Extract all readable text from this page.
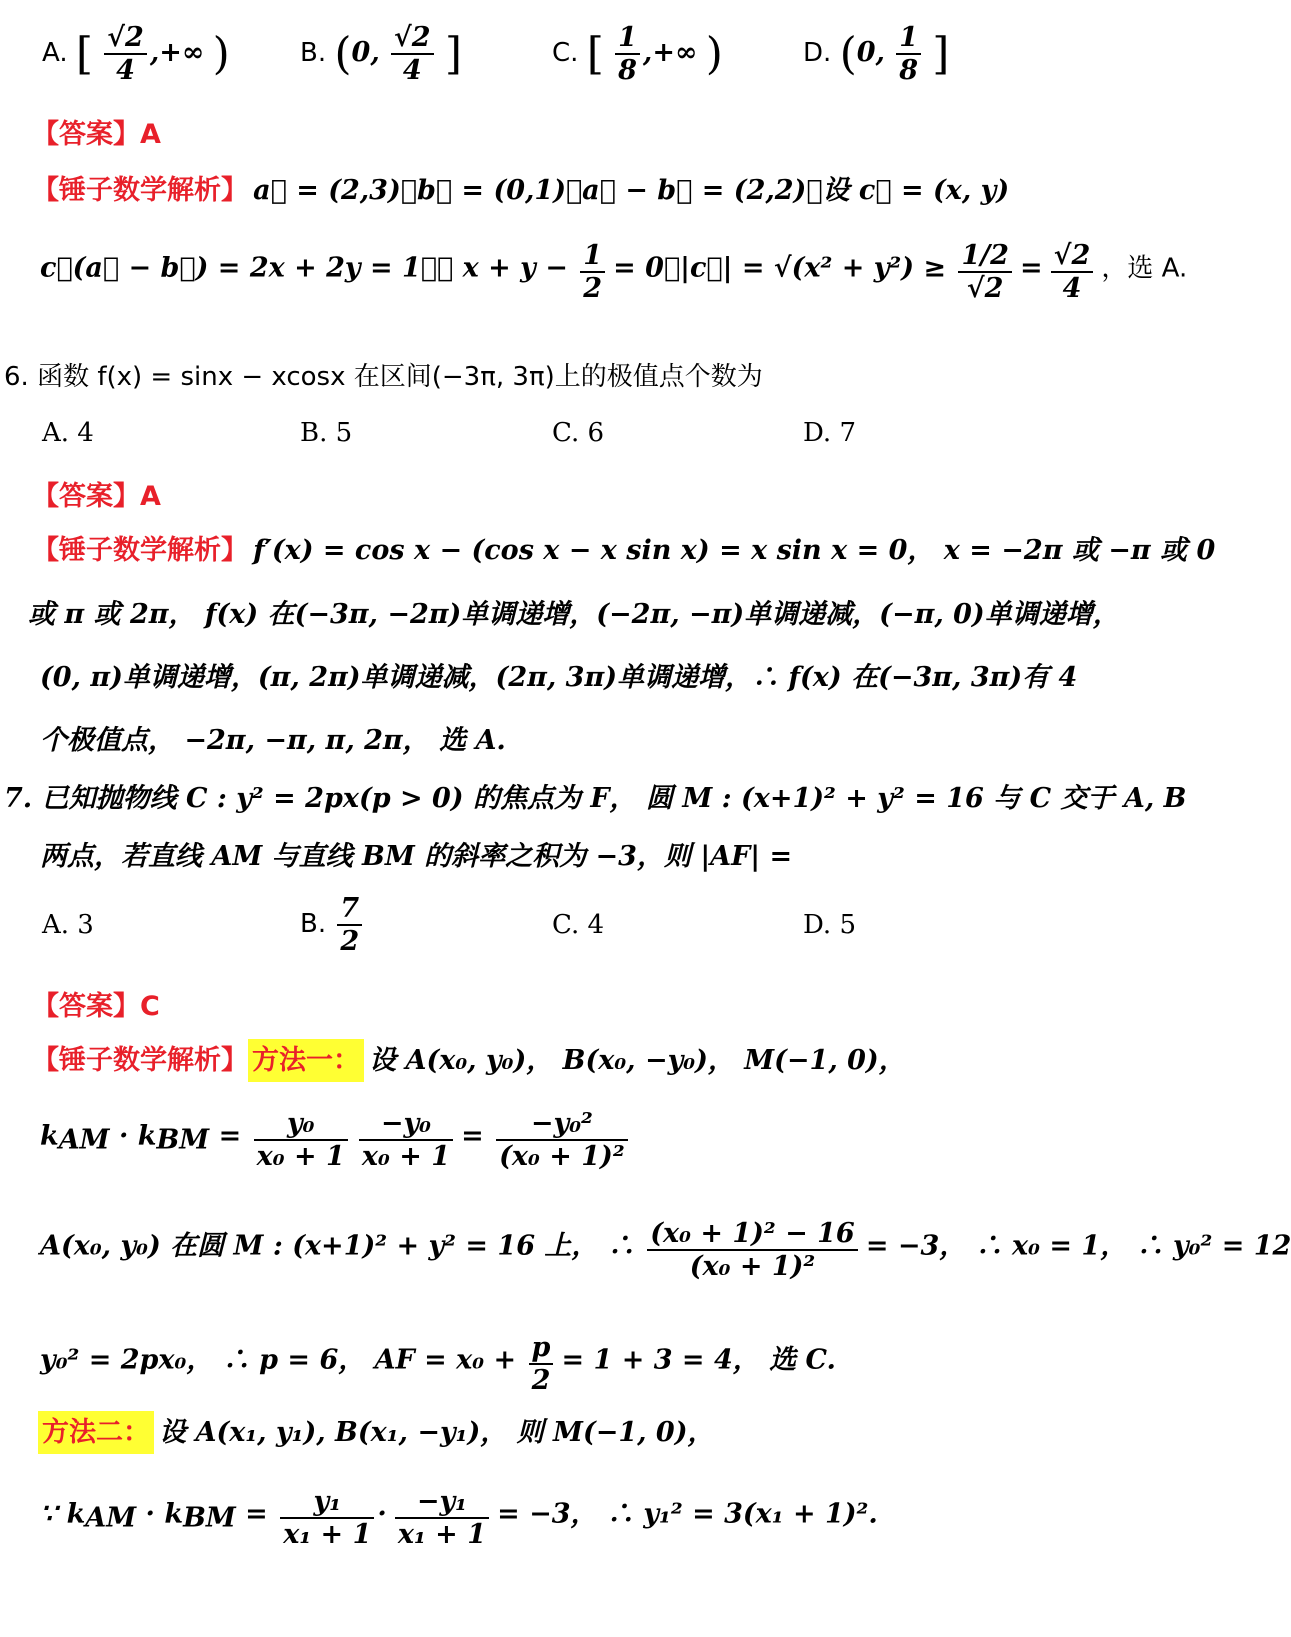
A. [ $\frac{√2}{4}$ ,+∞ )	B. (0, $\frac{√2}{4}$ ]	C. [ $\frac{1}{8}$ ,+∞ )	D. (0, $\frac{1}{8}$ ]
【答案】A
【锤子数学解析】 a⃗ = (2,3)，b⃗ = (0,1)，a⃗ − b⃗ = (2,2)，设 c⃗ = (x, y)
c⃗(a⃗ − b⃗) = 2x + 2y = 1，∴ $x + y - \frac{1}{2} = 0$，|c⃗| = $√(x^2 + y^2) \ge \frac{1/2}{√2} = \frac{√2}{4}$ ，选 A.
6. 函数 f(x) = sinx − xcosx 在区间(−3π, 3π)上的极值点个数为
A. 4	B. 5	C. 6	D. 7
【答案】A
【锤子数学解析】 f′(x) = cos x − (cos x − x sin x) = x sin x = 0， x = −2π 或 −π 或 0
或 π 或 2π， f(x) 在(−3π, −2π)单调递增，(−2π, −π)单调递减，(−π, 0)单调递增，
(0, π)单调递增，(π, 2π)单调递减，(2π, 3π)单调递增，∴ f(x) 在(−3π, 3π)有 4
个极值点， −2π, −π, π, 2π， 选 A.
7. 已知抛物线 C : y² = 2px(p > 0) 的焦点为 F， 圆 M : (x+1)² + y² = 16 与 C 交于 A, B
两点，若直线 AM 与直线 BM 的斜率之积为 −3，则 |AF| =
A. 3	B. $\frac{7}{2}$	C. 4	D. 5
【答案】C
【锤子数学解析】 方法一： 设 A(x₀, y₀)， B(x₀, −y₀)， M(−1, 0)，
$k_{AM} \cdot k_{BM} = \frac{\text{y₀}}{\text{x₀ + 1}}$
$\frac{\text{−y₀}}{\text{x₀ + 1}} = \frac{\text{−y₀²}}{\text{(x₀ + 1)²}}$
A(x₀, y₀) 在圆 M : (x+1)² + y² = 16 上， ∴ $\frac{\text{(x₀ + 1)² − 16}}{\text{(x₀ + 1)²}} = -3$， ∴ x₀ = 1， ∴ y₀² = 12
y₀² = 2px₀， ∴ p = 6， AF = $x_0 + \frac{p}{2} = 1 + 3 = 4$， 选 C.
方法二： 设 A(x₁, y₁), B(x₁, −y₁)， 则 M(−1, 0)，
∵ $k_{AM} \cdot k_{BM} = \frac{\text{y₁}}{\text{x₁ + 1}} \cdot \frac{\text{−y₁}}{\text{x₁ + 1}} = -3$， ∴ y₁² = 3(x₁ + 1)².
